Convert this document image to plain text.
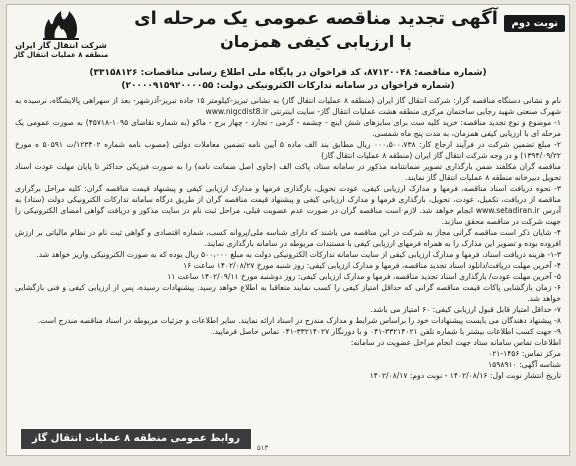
نوبت دوم
آگهی تجدید مناقصه عمومی یک مرحله ای
با ارزیابی کیفی همزمان
شرکت انتقال گاز ایران
منطقه ۸ عملیات انتقال گاز
(شماره مناقصه: ۸۷۱۲۰۰۴۸، کد فراخوان در پایگاه ملی اطلاع رسانی مناقصات: ۳۳۱۵۸۱۲۶)
(شماره فراخوان در سامانه تدارکات الکترونیکی دولت: ۲۰۰۰۰۹۱۵۹۲۰۰۰۰۵۵)

نام و نشانی دستگاه مناقصه گزار: شرکت انتقال گاز ایران (منطقه ۸ عملیات انتقال گاز) به نشانی تبریز-کیلومتر ۱۵ جاده تبریز-آذرشهر- بعد از سهراهی پالایشگاه، نرسیده به شهرک صنعتی شهید رجایی ساختمان مرکزی منطقه هشت عملیات انتقال گاز- سایت اینترنتی www.nigcdist8.ir

۱- موضوع و نوع تجدید مناقصه: خرید کلیه ست برای سایزهای شش اینچ - چشمه - گرمی - تجارد - چهار برج - ماکو (به شماره تقاضای ۱۰۹۵-۴۵۷۱۸) به صورت عمومی یک مرحله ای با ارزیابی کیفی همزمان، به مدت پنج ماه شمسی.

۲- مبلغ تضمین شرکت در فرآیند ارجاع کار: ۰۰۰،۵۰۰،۷۳۸ ریال مطابق بند الف ماده ۵ آیین نامه تضمین معاملات دولتی (مصوب نامه شماره ۱۲۳۴۰۲/ت ۵۰۵۹۱ ه مورخ ۱۳۹۴/۰۹/۲۲) و در وجه شرکت انتقال گاز ایران (منطقه ۸ عملیات انتقال گاز)

مناقصه گران مکلفند ضمن بارگذاری تصویر ضمانتنامه مذکور در سامانه ستاد، پاکت الف (حاوی اصل ضمانت نامه) را به صورت فیزیکی حداکثر تا پایان مهلت عودت اسناد تحویل دبیرخانه منطقه ۸ عملیات انتقال گاز نمایند.

۳- نحوه دریافت اسناد مناقصه، فرمها و مدارک ارزیابی کیفی، عودت تحویل، بارگذاری فرمها و مدارک ارزیابی کیفی و پیشنهاد قیمت مناقصه گران: کلیه مراحل برگزاری مناقصه از دریافت، تکمیل، عودت، تحویل، بارگذاری فرمها و مدارک ارزیابی کیفی و پیشنهاد قیمت مناقصه گران از طریق درگاه سامانه تدارکات الکترونیکی دولت (ستاد) به آدرس www.setadiran.ir انجام خواهد شد. لازم است مناقصه گران در صورت عدم عضویت قبلی، مراحل ثبت نام در سایت مذکور و دریافت گواهی امضای الکترونیکی را جهت شرکت در مناقصه محقق سازند.

۴- شایان ذکر است مناقصه گرانی مجاز به شرکت در این مناقصه می باشند که دارای شناسه ملی/پروانه کسب، شماره اقتصادی و گواهی ثبت نام در نظام مالیاتی بر ارزش افزوده بوده و تصویر این مدارک را به همراه فرمهای ارزیابی کیفی با مستندات مربوطه در سامانه بارگذاری نمایند.

۱-۳- هزینه دریافت اسناد، فرمها و مدارک ارزیابی کیفی از سایت سامانه تدارکات الکترونیکی دولت به مبلغ ۵۰۰،۰۰۰ ریال بوده که به صورت الکترونیکی واریز خواهد شد.

۴- آخرین مهلت دریافت/دانلود اسناد تجدید مناقصه، فرمها و مدارک ارزیابی کیفی: روز شنبه مورخ ۱۴۰۲/۰۸/۲۷ ساعت ۱۶

۵- آخرین مهلت عودت/ بارگذاری اسناد تجدید مناقصه، فرمها و مدارک ارزیابی کیفی: روز دوشنبه مورخ ۱۴۰۲/۰۹/۱۱ ساعت ۱۱

۶- زمان بازگشایی پاکات قیمت مناقصه گرانی که حداقل امتیاز کیفی را کسب نمایند متعاقبا به اطلاع خواهد رسید. پیشنهادات رسیده، پس از ارزیابی کیفی و فنی بازگشایی خواهد شد.

۷- حداقل امتیاز قابل قبول ارزیابی کیفی: ۶۰ امتیاز می باشد.

۸- پیشنهاد دهندگان می بایست پیشنهادات خود را براساس شرایط و مدارک مندرج در اسناد ارائه نمایند. سایر اطلاعات و جزئیات مربوطه در اسناد مناقصه مندرج است.

۹- جهت کسب اطلاعات بیشتر با شماره تلفن ۳۳۲۱۴۰۲۱-۰۴۱ و با دورنگار ۳۳۲۱۴۰۲۷-۰۴۱ تماس حاصل فرمایید.

اطلاعات تماس سامانه ستاد جهت انجام مراحل عضویت در سامانه:

مرکز تماس: ۱۴۵۶-۰۲۱
شناسه آگهی: ۱۵۹۸۹۱۰
تاریخ انتشار نوبت اول: ۱۴۰۲/۰۸/۱۶ - نوبت دوم: ۱۴۰۲/۰۸/۱۷
روابط عمومی منطقه ۸ عملیات انتقال گاز
۵۱۳
